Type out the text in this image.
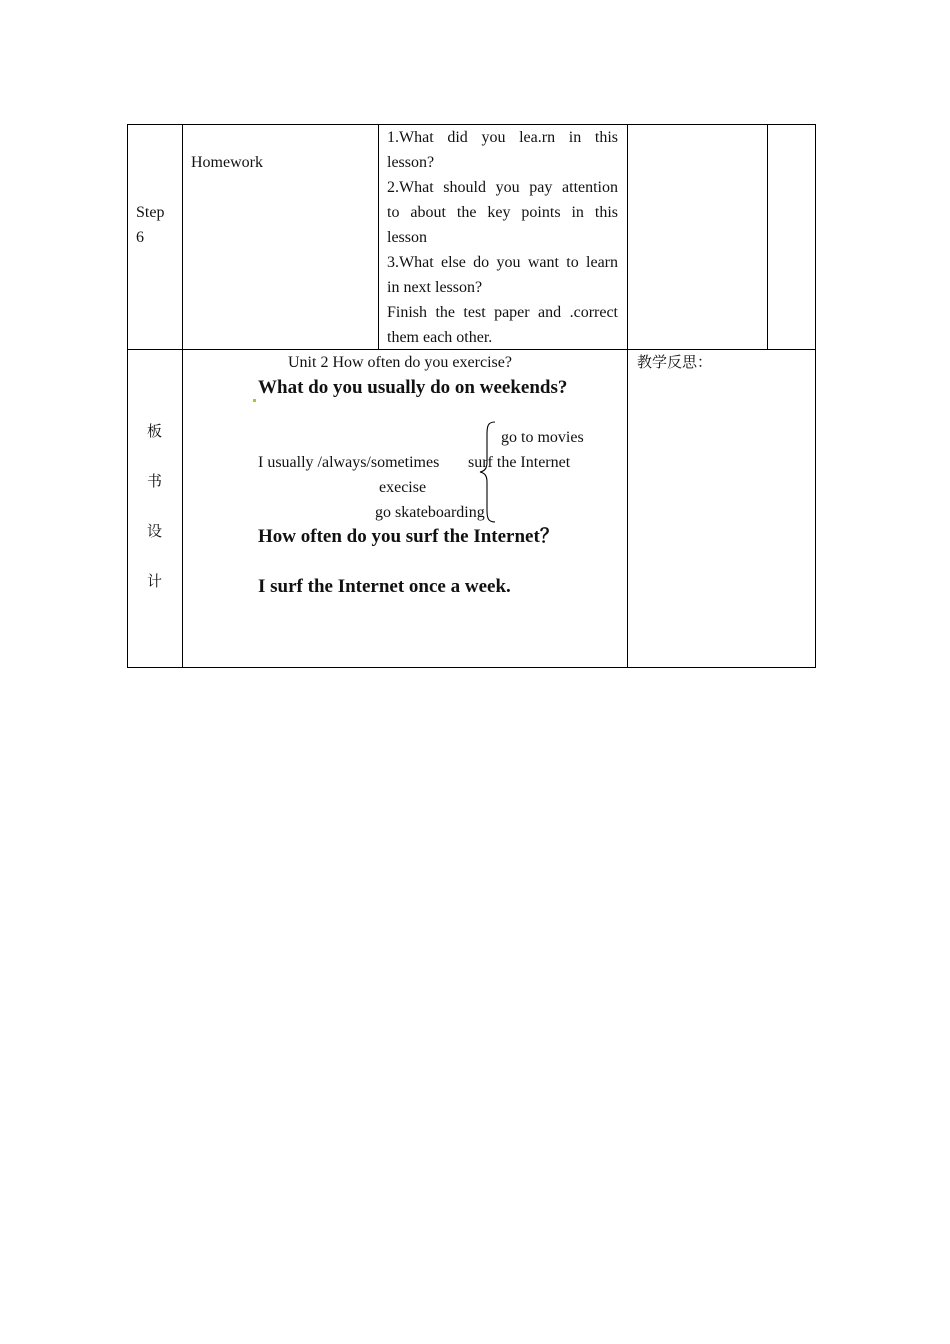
Step
6
Homework
1.What did you lea.rn in this
lesson?
2.What should you pay attention
to about the key points in this
lesson
3.What else do you want to learn
in next lesson?
Finish the test paper and .correct
them each other.
板
书
设
计
Unit 2 How often do you exercise?
What do you usually do on weekends?
go to movies
I usually /always/sometimes surf the Internet
execise
go skateboarding
How often do you surf the Internet？
I surf the Internet once a week.
教学反思：
